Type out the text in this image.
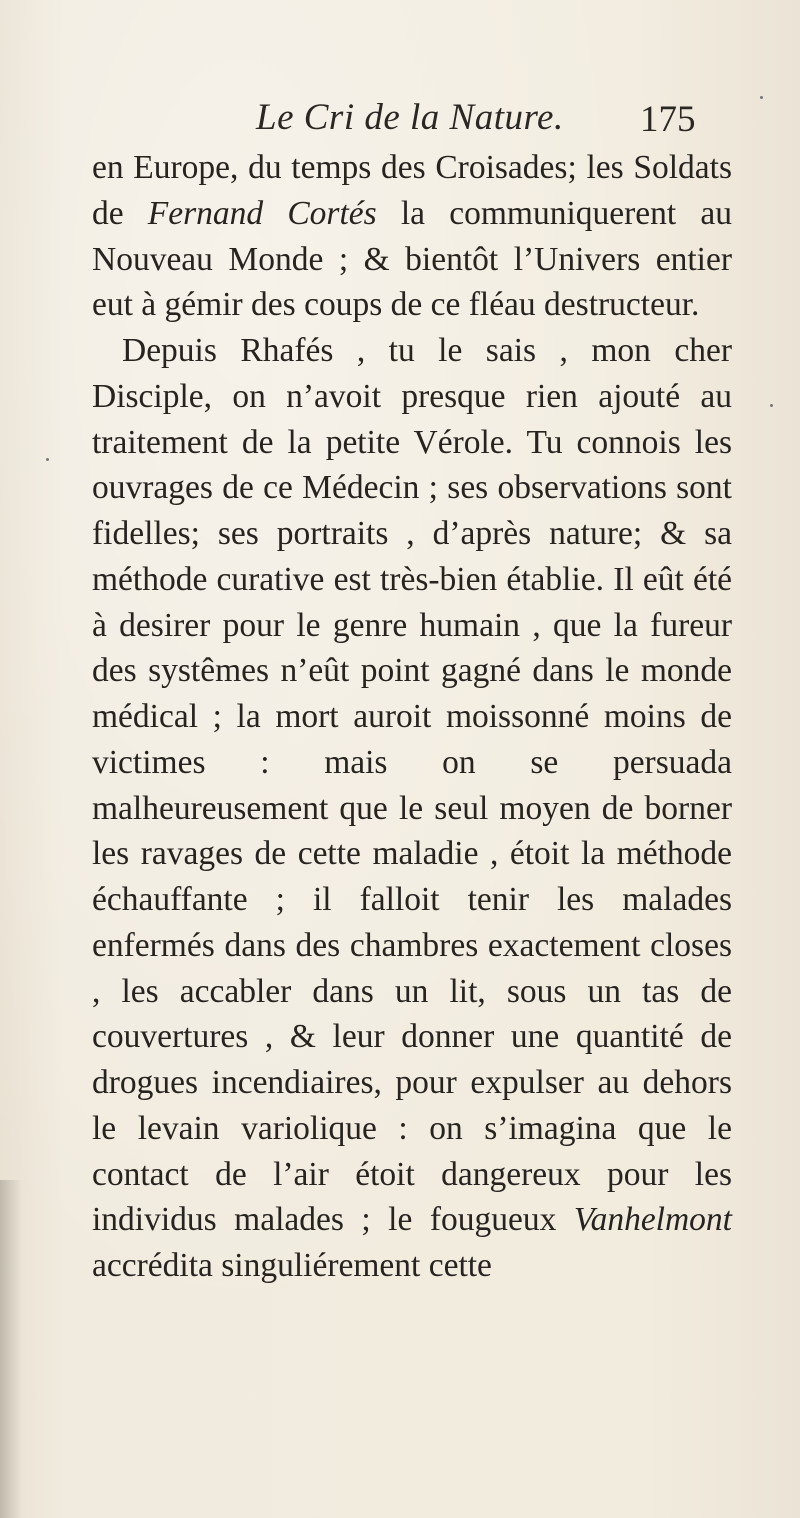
Le Cri de la Nature. 175

en Europe, du temps des Croisades; les Soldats de Fernand Cortés la communiquerent au Nouveau Monde ; & bientôt l’Univers entier eut à gémir des coups de ce fléau destructeur.

Depuis Rhafés , tu le sais , mon cher Disciple, on n’avoit presque rien ajouté au traitement de la petite Vérole. Tu connois les ouvrages de ce Médecin ; ses observations sont fidelles; ses portraits , d’après nature; & sa méthode curative est très-bien établie. Il eût été à desirer pour le genre humain , que la fureur des systêmes n’eût point gagné dans le monde médical ; la mort auroit moissonné moins de victimes : mais on se persuada malheureusement que le seul moyen de borner les ravages de cette maladie , étoit la méthode échauffante ; il falloit tenir les malades enfermés dans des chambres exactement closes , les accabler dans un lit, sous un tas de couvertures , & leur donner une quantité de drogues incendiaires, pour expulser au dehors le levain variolique : on s’imagina que le contact de l’air étoit dangereux pour les individus malades ; le fougueux Vanhelmont accrédita singuliérement cette
